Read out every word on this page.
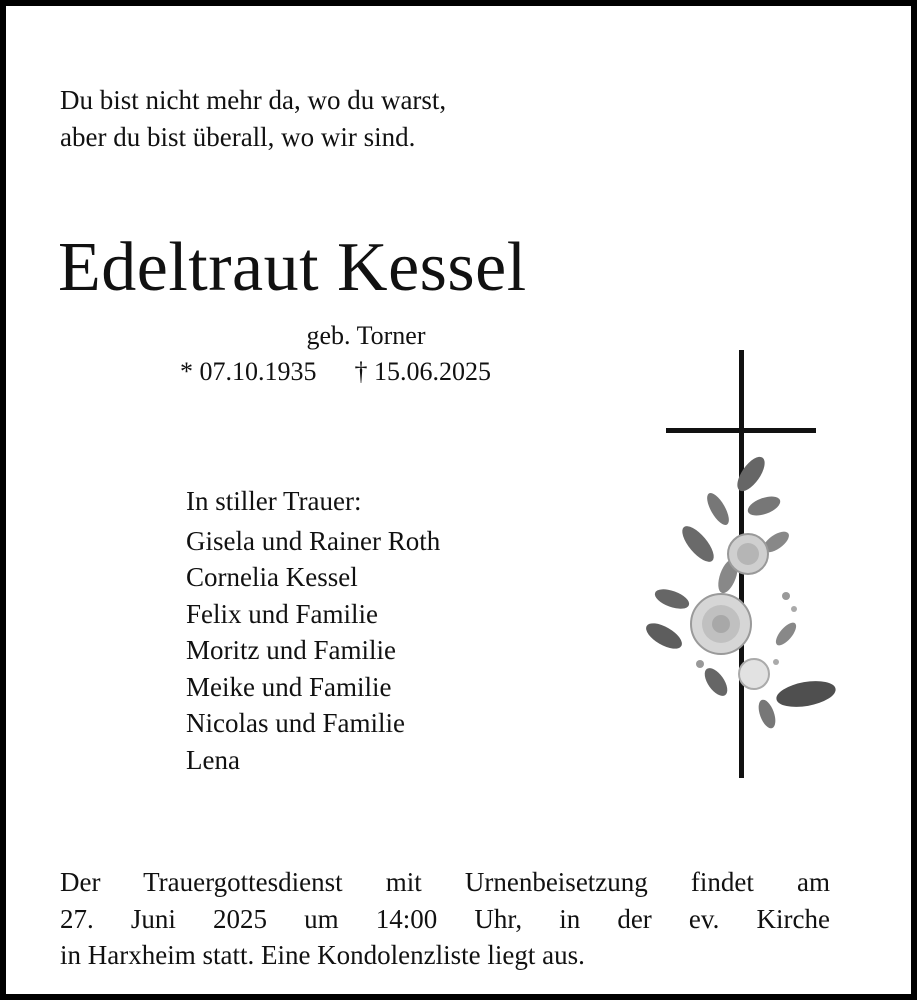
Du bist nicht mehr da, wo du warst,
aber du bist überall, wo wir sind.
Edeltraut Kessel
geb. Torner
* 07.10.1935 † 15.06.2025
In stiller Trauer:
Gisela und Rainer Roth
Cornelia Kessel
Felix und Familie
Moritz und Familie
Meike und Familie
Nicolas und Familie
Lena
Der Trauergottesdienst mit Urnenbeisetzung findet am
27. Juni 2025 um 14:00 Uhr, in der ev. Kirche
in Harxheim statt. Eine Kondolenzliste liegt aus.
